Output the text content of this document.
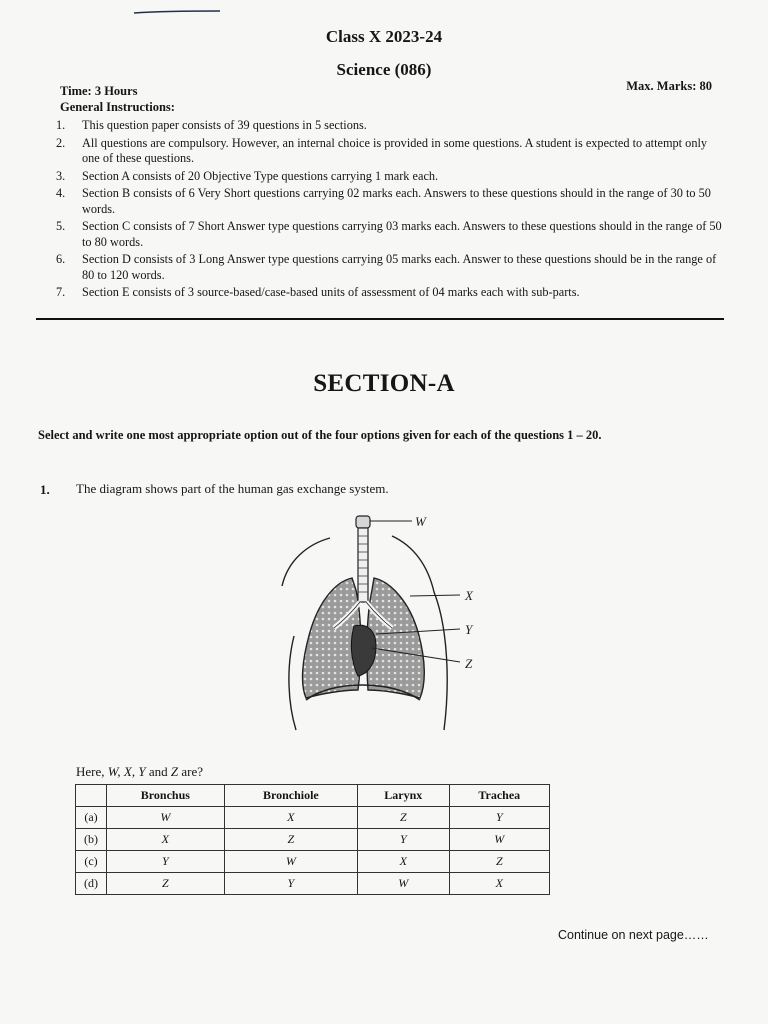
Class X 2023-24
Science (086)
Max. Marks: 80
Time: 3 Hours
General Instructions:
1.	This question paper consists of 39 questions in 5 sections.
2.	All questions are compulsory. However, an internal choice is provided in some questions. A student is expected to attempt only one of these questions.
3.	Section A consists of 20 Objective Type questions carrying 1 mark each.
4.	Section B consists of 6 Very Short questions carrying 02 marks each. Answers to these questions should in the range of 30 to 50 words.
5.	Section C consists of 7 Short Answer type questions carrying 03 marks each. Answers to these questions should in the range of 50 to 80 words.
6.	Section D consists of 3 Long Answer type questions carrying 05 marks each. Answer to these questions should be in the range of 80 to 120 words.
7.	Section E consists of 3 source-based/case-based units of assessment of 04 marks each with sub-parts.
SECTION-A
Select and write one most appropriate option out of the four options given for each of the questions 1 – 20.
1. The diagram shows part of the human gas exchange system.
W
X
Y
Z
Here, W, X, Y and Z are?
	Bronchus	Bronchiole	Larynx	Trachea
(a)	W	X	Z	Y
(b)	X	Z	Y	W
(c)	Y	W	X	Z
(d)	Z	Y	W	X
Continue on next page……
